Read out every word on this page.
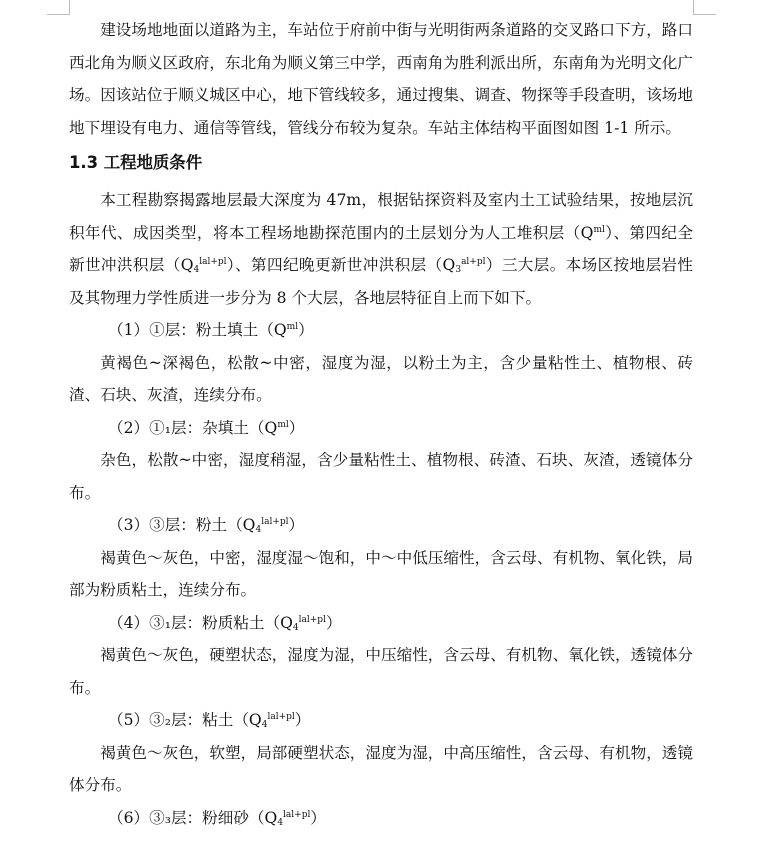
建设场地地面以道路为主，车站位于府前中街与光明街两条道路的交叉路口下方，路口西北角为顺义区政府，东北角为顺义第三中学，西南角为胜利派出所，东南角为光明文化广场。因该站位于顺义城区中心，地下管线较多，通过搜集、调查、物探等手段查明，该场地地下埋设有电力、通信等管线，管线分布较为复杂。车站主体结构平面图如图 1-1 所示。

1.3 工程地质条件

本工程勘察揭露地层最大深度为 47m，根据钻探资料及室内土工试验结果，按地层沉积年代、成因类型，将本工程场地勘探范围内的土层划分为人工堆积层$(Q^{ml})$、第四纪全新世冲洪积层$(Q_4^{lal+pl})$、第四纪晚更新世冲洪积层$(Q_3^{al+pl})$三大层。本场区按地层岩性及其物理力学性质进一步分为 8 个大层，各地层特征自上而下如下。

（1）①层：粉土填土$(Q^{ml})$

黄褐色~深褐色，松散~中密，湿度为湿，以粉土为主，含少量粘性土、植物根、砖渣、石块、灰渣，连续分布。

（2）①₁层：杂填土$(Q^{ml})$

杂色，松散~中密，湿度稍湿，含少量粘性土、植物根、砖渣、石块、灰渣，透镜体分布。

（3）③层：粉土$(Q_4^{lal+pl})$

褐黄色～灰色，中密，湿度湿～饱和，中～中低压缩性，含云母、有机物、氧化铁，局部为粉质粘土，连续分布。

（4）③₁层：粉质粘土$(Q_4^{lal+pl})$

褐黄色～灰色，硬塑状态，湿度为湿，中压缩性，含云母、有机物、氧化铁，透镜体分布。

（5）③₂层：粘土$(Q_4^{lal+pl})$

褐黄色～灰色，软塑，局部硬塑状态，湿度为湿，中高压缩性，含云母、有机物，透镜体分布。

（6）③₃层：粉细砂$(Q_4^{lal+pl})$
